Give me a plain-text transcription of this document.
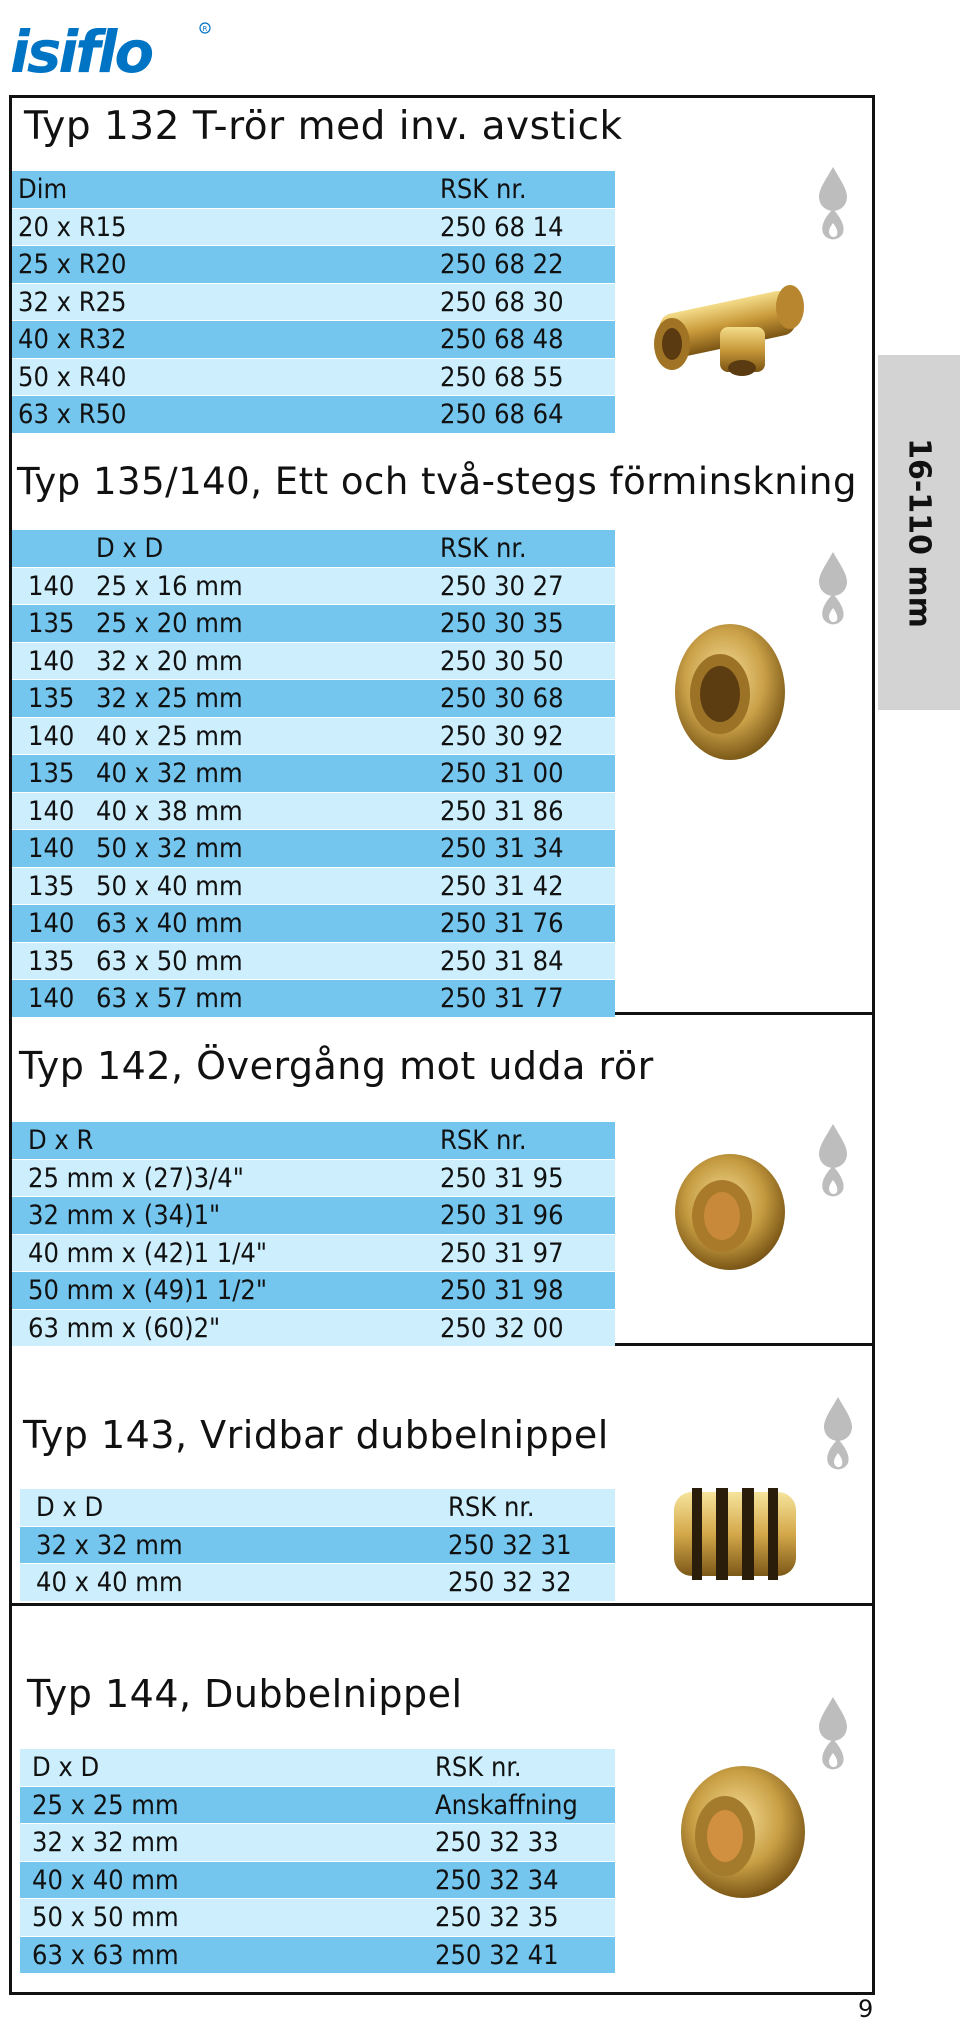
isiflo	R
16-110 mm
Typ 132 T-rör med inv. avstick
Dim	RSK nr.
20 x R15	250 68 14
25 x R20	250 68 22
32 x R25	250 68 30
40 x R32	250 68 48
50 x R40	250 68 55
63 x R50	250 68 64
Typ 135/140, Ett och två-stegs förminskning
D x D	RSK nr.
140 25 x 16 mm	250 30 27
135 25 x 20 mm	250 30 35
140 32 x 20 mm	250 30 50
135 32 x 25 mm	250 30 68
140 40 x 25 mm	250 30 92
135 40 x 32 mm	250 31 00
140 40 x 38 mm	250 31 86
140 50 x 32 mm	250 31 34
135 50 x 40 mm	250 31 42
140 63 x 40 mm	250 31 76
135 63 x 50 mm	250 31 84
140 63 x 57 mm	250 31 77
Typ 142, Övergång mot udda rör
D x R	RSK nr.
25 mm x (27)3/4"	250 31 95
32 mm x (34)1"	250 31 96
40 mm x (42)1 1/4"	250 31 97
50 mm x (49)1 1/2"	250 31 98
63 mm x (60)2"	250 32 00
Typ 143, Vridbar dubbelnippel
D x D	RSK nr.
32 x 32 mm	250 32 31
40 x 40 mm	250 32 32
Typ 144, Dubbelnippel
D x D	RSK nr.
25 x 25 mm	Anskaffning
32 x 32 mm	250 32 33
40 x 40 mm	250 32 34
50 x 50 mm	250 32 35
63 x 63 mm	250 32 41
9
